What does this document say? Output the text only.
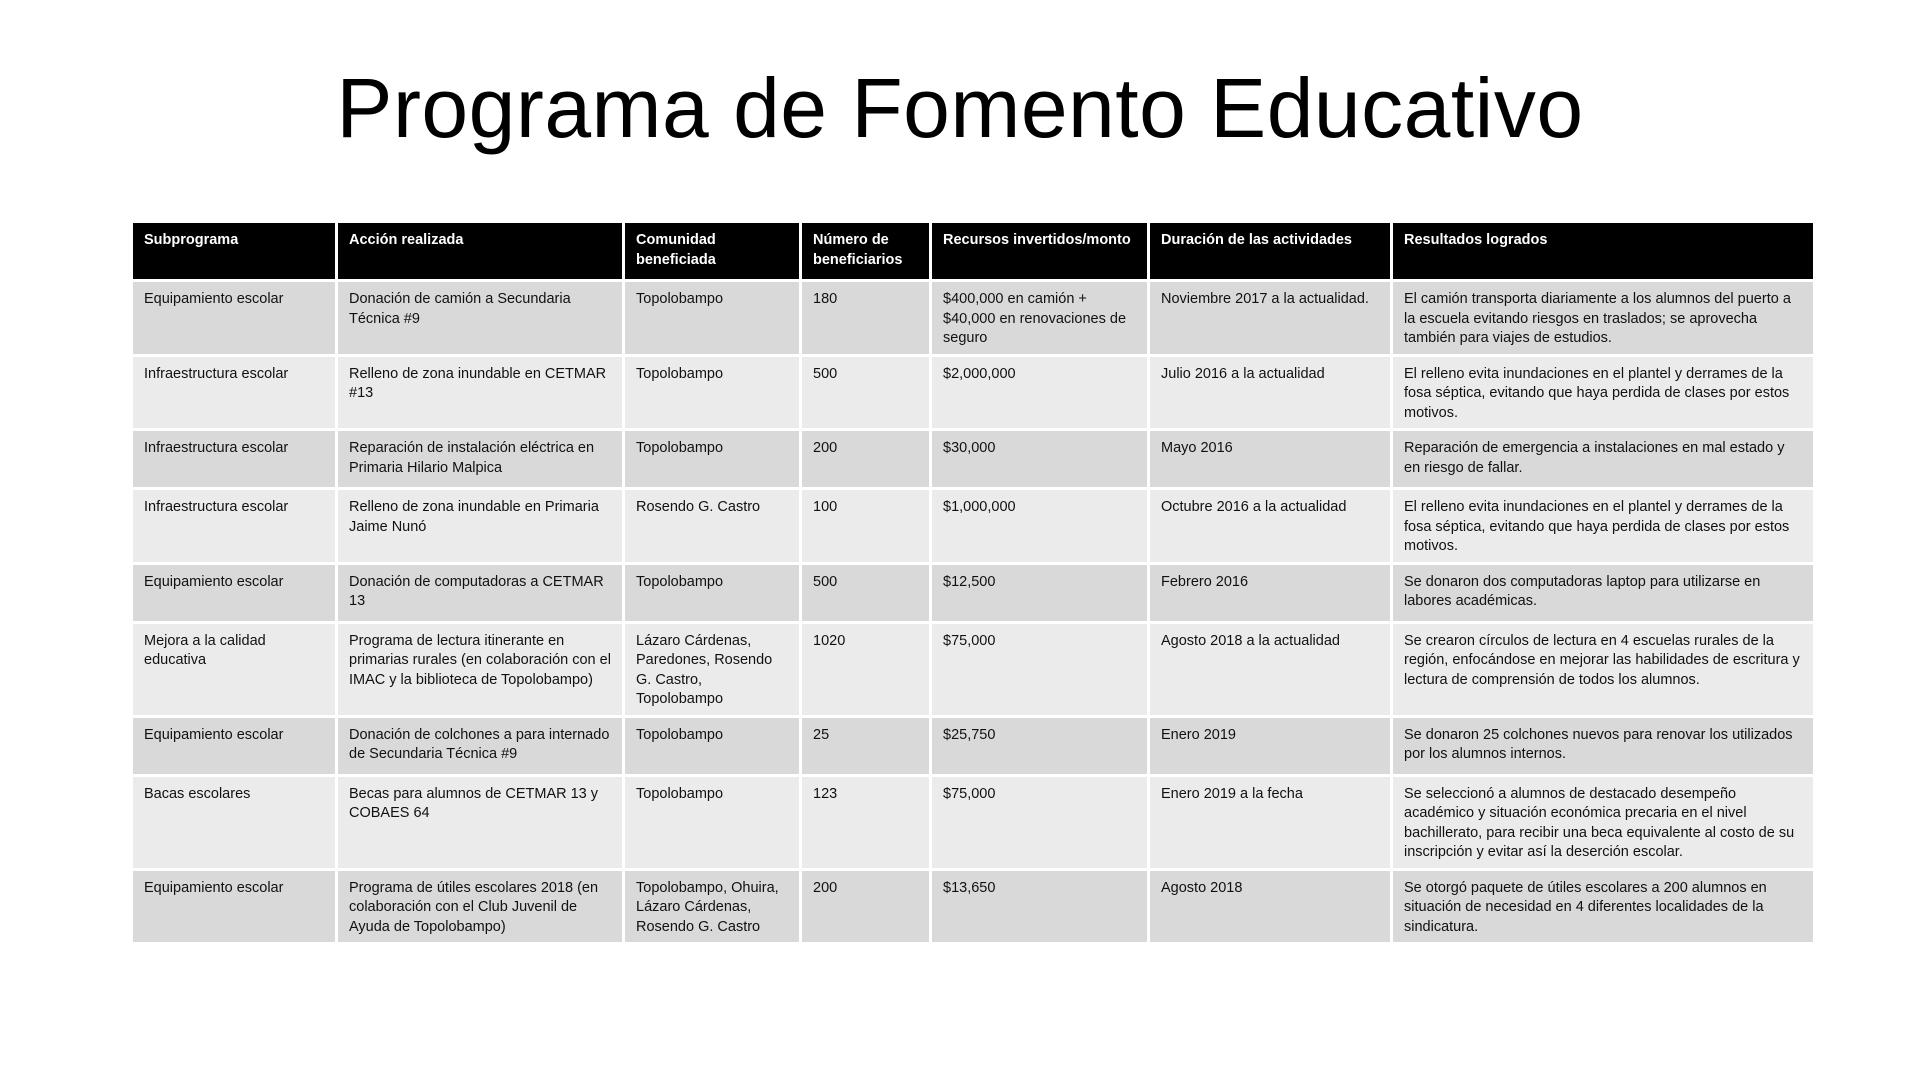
Programa de Fomento Educativo
Subprograma	Acción realizada	Comunidad beneficiada	Número de beneficiarios	Recursos invertidos/monto	Duración de las actividades	Resultados logrados
Equipamiento escolar	Donación de camión a Secundaria Técnica #9	Topolobampo	180	$400,000 en camión + $40,000 en renovaciones de seguro	Noviembre 2017 a la actualidad.	El camión transporta diariamente a los alumnos del puerto a la escuela evitando riesgos en traslados; se aprovecha también para viajes de estudios.
Infraestructura escolar	Relleno de zona inundable en CETMAR #13	Topolobampo	500	$2,000,000	Julio 2016 a la actualidad	El relleno evita inundaciones en el plantel y derrames de la fosa séptica, evitando que haya perdida de clases por estos motivos.
Infraestructura escolar	Reparación de instalación eléctrica en Primaria Hilario Malpica	Topolobampo	200	$30,000	Mayo 2016	Reparación de emergencia a instalaciones en mal estado y en riesgo de fallar.
Infraestructura escolar	Relleno de zona inundable en Primaria Jaime Nunó	Rosendo G. Castro	100	$1,000,000	Octubre 2016 a la actualidad	El relleno evita inundaciones en el plantel y derrames de la fosa séptica, evitando que haya perdida de clases por estos motivos.
Equipamiento escolar	Donación de computadoras a CETMAR 13	Topolobampo	500	$12,500	Febrero 2016	Se donaron dos computadoras laptop para utilizarse en labores académicas.
Mejora a la calidad educativa	Programa de lectura itinerante en primarias rurales (en colaboración con el IMAC y la biblioteca de Topolobampo)	Lázaro Cárdenas, Paredones, Rosendo G. Castro, Topolobampo	1020	$75,000	Agosto 2018 a la actualidad	Se crearon círculos de lectura en 4 escuelas rurales de la región, enfocándose en mejorar las habilidades de escritura y lectura de comprensión de todos los alumnos.
Equipamiento escolar	Donación de colchones a para internado de Secundaria Técnica #9	Topolobampo	25	$25,750	Enero 2019	Se donaron 25 colchones nuevos para renovar los utilizados por los alumnos internos.
Bacas escolares	Becas para alumnos de CETMAR 13 y COBAES 64	Topolobampo	123	$75,000	Enero 2019 a la fecha	Se seleccionó a alumnos de destacado desempeño académico y situación económica precaria en el nivel bachillerato, para recibir una beca equivalente al costo de su inscripción y evitar así la deserción escolar.
Equipamiento escolar	Programa de útiles escolares 2018 (en colaboración con el Club Juvenil de Ayuda de Topolobampo)	Topolobampo, Ohuira, Lázaro Cárdenas, Rosendo G. Castro	200	$13,650	Agosto 2018	Se otorgó paquete de útiles escolares a 200 alumnos en situación de necesidad en 4 diferentes localidades de la sindicatura.
